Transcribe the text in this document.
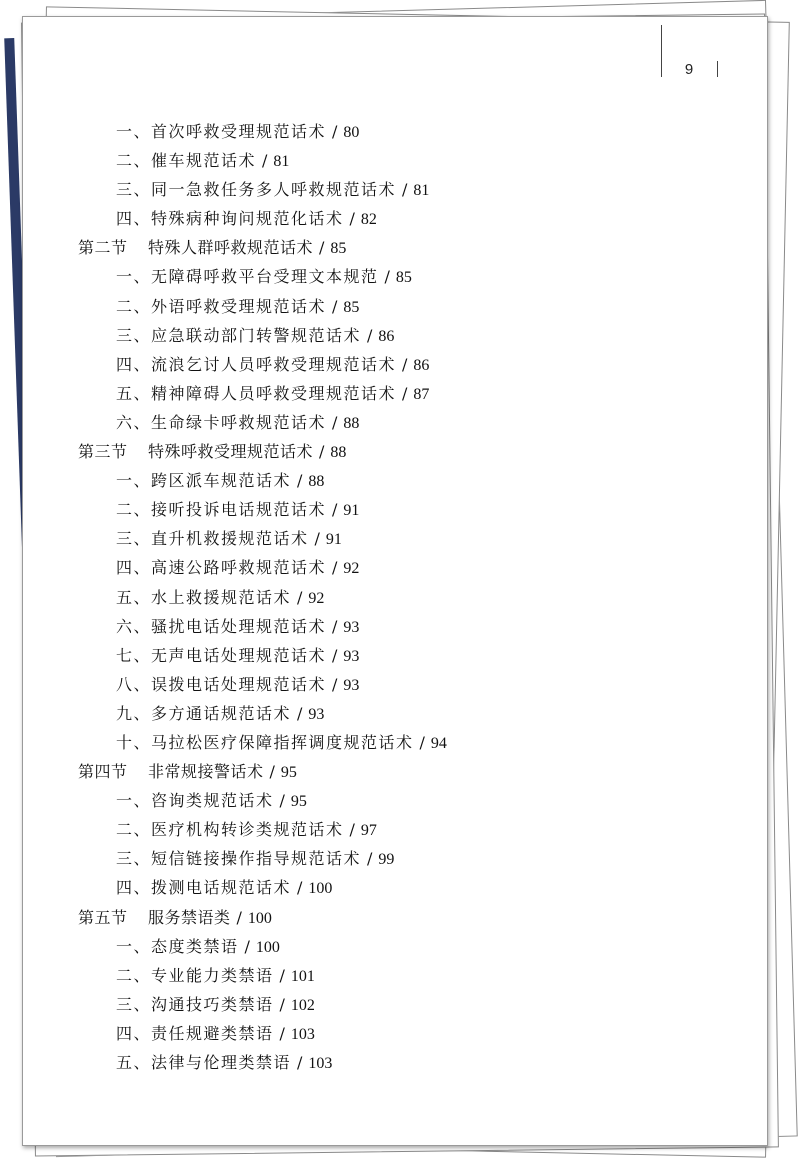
9
一、首次呼救受理规范话术 / 80
二、催车规范话术 / 81
三、同一急救任务多人呼救规范话术 / 81
四、特殊病种询问规范化话术 / 82
第二节 特殊人群呼救规范话术 / 85
一、无障碍呼救平台受理文本规范 / 85
二、外语呼救受理规范话术 / 85
三、应急联动部门转警规范话术 / 86
四、流浪乞讨人员呼救受理规范话术 / 86
五、精神障碍人员呼救受理规范话术 / 87
六、生命绿卡呼救规范话术 / 88
第三节 特殊呼救受理规范话术 / 88
一、跨区派车规范话术 / 88
二、接听投诉电话规范话术 / 91
三、直升机救援规范话术 / 91
四、高速公路呼救规范话术 / 92
五、水上救援规范话术 / 92
六、骚扰电话处理规范话术 / 93
七、无声电话处理规范话术 / 93
八、误拨电话处理规范话术 / 93
九、多方通话规范话术 / 93
十、马拉松医疗保障指挥调度规范话术 / 94
第四节 非常规接警话术 / 95
一、咨询类规范话术 / 95
二、医疗机构转诊类规范话术 / 97
三、短信链接操作指导规范话术 / 99
四、拨测电话规范话术 / 100
第五节 服务禁语类 / 100
一、态度类禁语 / 100
二、专业能力类禁语 / 101
三、沟通技巧类禁语 / 102
四、责任规避类禁语 / 103
五、法律与伦理类禁语 / 103
